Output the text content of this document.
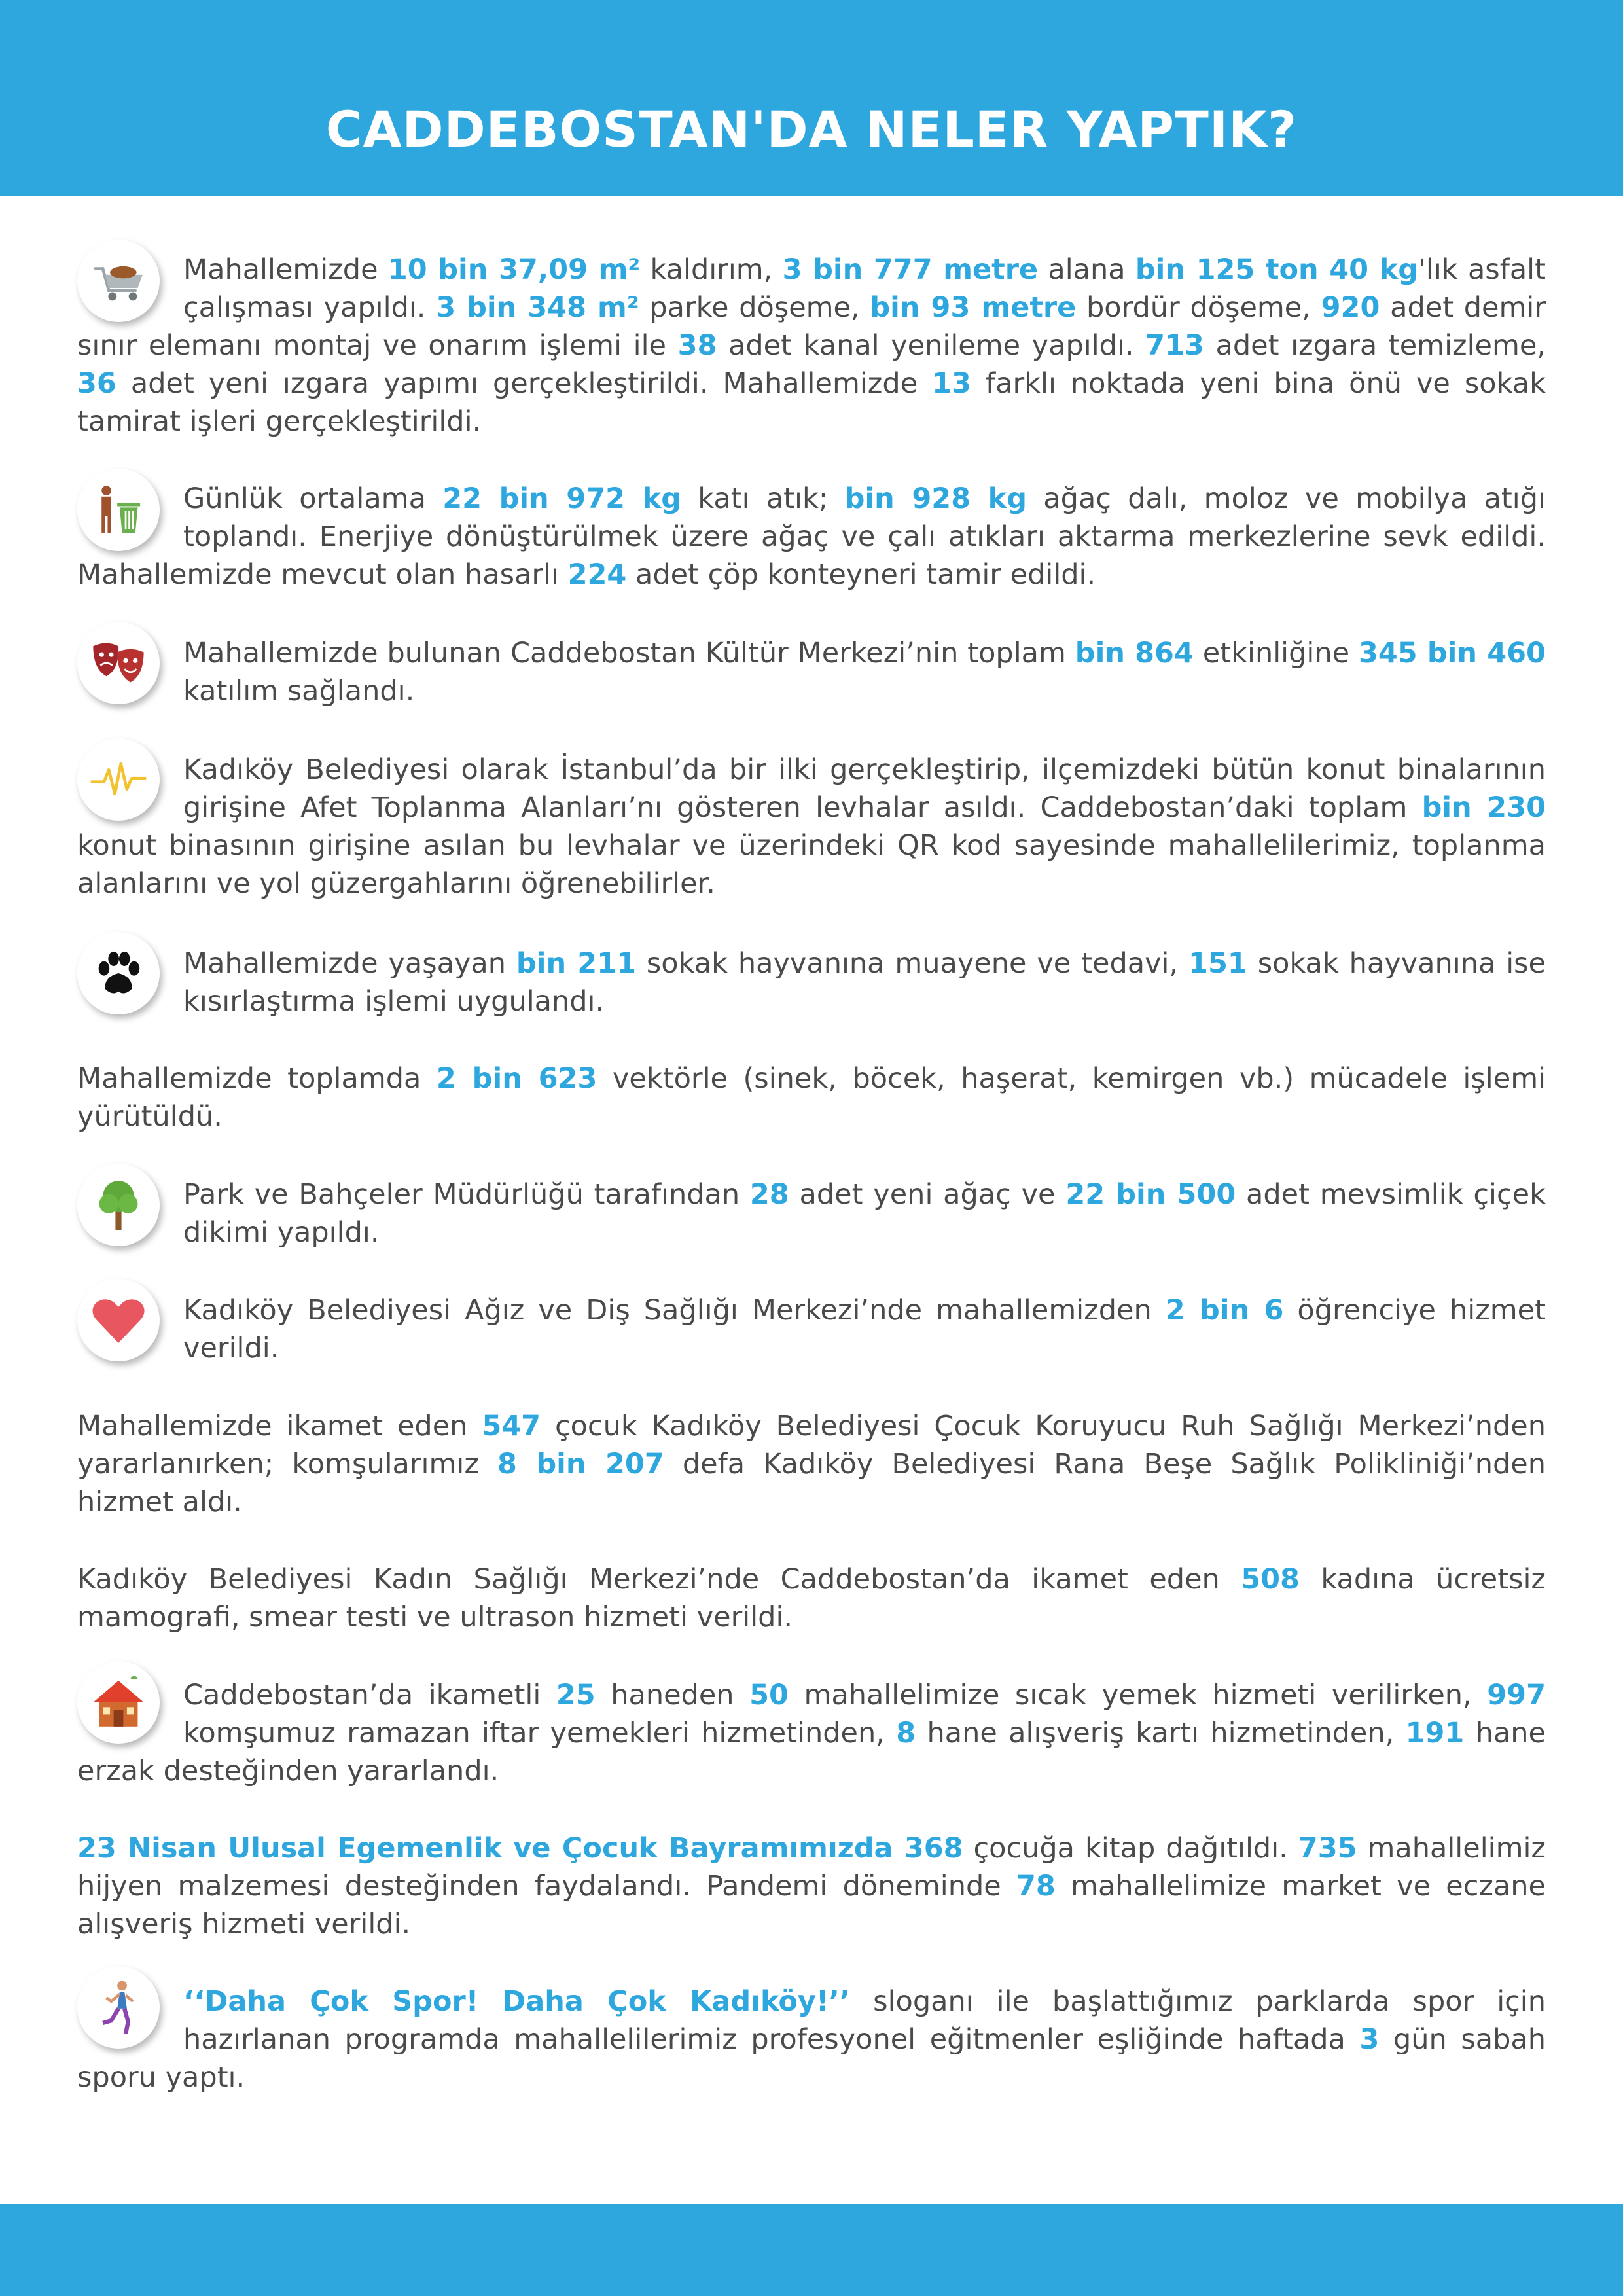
CADDEBOSTAN'DA NELER YAPTIK?
Mahallemizde 10 bin 37,09 m² kaldırım, 3 bin 777 metre alana bin 125 ton 40 kg'lık asfalt çalışması yapıldı. 3 bin 348 m² parke döşeme, bin 93 metre bordür döşeme, 920 adet demir sınır elemanı montaj ve onarım işlemi ile 38 adet kanal yenileme yapıldı. 713 adet ızgara temizleme, 36 adet yeni ızgara yapımı gerçekleştirildi. Mahallemizde 13 farklı noktada yeni bina önü ve sokak tamirat işleri gerçekleştirildi.
Günlük ortalama 22 bin 972 kg katı atık; bin 928 kg ağaç dalı, moloz ve mobilya atığı toplandı. Enerjiye dönüştürülmek üzere ağaç ve çalı atıkları aktarma merkezlerine sevk edildi. Mahallemizde mevcut olan hasarlı 224 adet çöp konteyneri tamir edildi.
Mahallemizde bulunan Caddebostan Kültür Merkezi’nin toplam bin 864 etkinliğine 345 bin 460 katılım sağlandı.
Kadıköy Belediyesi olarak İstanbul’da bir ilki gerçekleştirip, ilçemizdeki bütün konut binalarının girişine Afet Toplanma Alanları’nı gösteren levhalar asıldı. Caddebostan’daki toplam bin 230 konut binasının girişine asılan bu levhalar ve üzerindeki QR kod sayesinde mahallelilerimiz, toplanma alanlarını ve yol güzergahlarını öğrenebilirler.
Mahallemizde yaşayan bin 211 sokak hayvanına muayene ve tedavi, 151 sokak hayvanına ise kısırlaştırma işlemi uygulandı.
Mahallemizde toplamda 2 bin 623 vektörle (sinek, böcek, haşerat, kemirgen vb.) mücadele işlemi yürütüldü.
Park ve Bahçeler Müdürlüğü tarafından 28 adet yeni ağaç ve 22 bin 500 adet mevsimlik çiçek dikimi yapıldı.
Kadıköy Belediyesi Ağız ve Diş Sağlığı Merkezi’nde mahallemizden 2 bin 6 öğrenciye hizmet verildi.
Mahallemizde ikamet eden 547 çocuk Kadıköy Belediyesi Çocuk Koruyucu Ruh Sağlığı Merkezi’nden yararlanırken; komşularımız 8 bin 207 defa Kadıköy Belediyesi Rana Beşe Sağlık Polikliniği’nden hizmet aldı.
Kadıköy Belediyesi Kadın Sağlığı Merkezi’nde Caddebostan’da ikamet eden 508 kadına ücretsiz mamografi, smear testi ve ultrason hizmeti verildi.
Caddebostan’da ikametli 25 haneden 50 mahallelimize sıcak yemek hizmeti verilirken, 997 komşumuz ramazan iftar yemekleri hizmetinden, 8 hane alışveriş kartı hizmetinden, 191 hane erzak desteğinden yararlandı.
23 Nisan Ulusal Egemenlik ve Çocuk Bayramımızda 368 çocuğa kitap dağıtıldı. 735 mahallelimiz hijyen malzemesi desteğinden faydalandı. Pandemi döneminde 78 mahallelimize market ve eczane alışveriş hizmeti verildi.
‘‘Daha Çok Spor! Daha Çok Kadıköy!’’ sloganı ile başlattığımız parklarda spor için hazırlanan programda mahallelilerimiz profesyonel eğitmenler eşliğinde haftada 3 gün sabah sporu yaptı.
